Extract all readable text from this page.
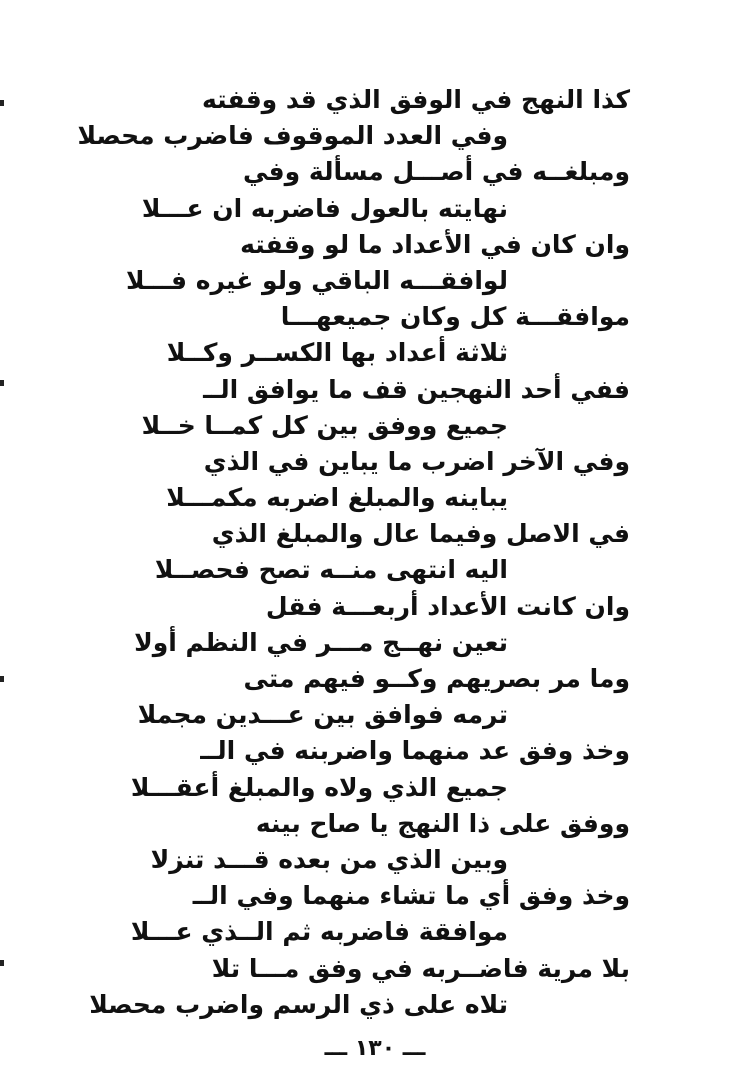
كذا النهج في الوفق الذي قد وقفته
وفي العدد الموقوف فاضرب محصلا
ومبلغــه في أصـــل مسألة وفي
نهايته بالعول فاضربه ان عـــلا
وان كان في الأعداد ما لو وقفته
لوافقـــه الباقي ولو غيره فـــلا
موافقـــة كل وكان جميعهـــا
ثلاثة أعداد بها الكســر وكــلا
ففي أحد النهجين قف ما يوافق الــ
جميع ووفق بين كل كمــا خــلا
وفي الآخر اضرب ما يباين في الذي
يباينه والمبلغ اضربه مكمـــلا
في الاصل وفيما عال والمبلغ الذي
اليه انتهى منــه تصح فحصــلا
وان كانت الأعداد أربعـــة فقل
تعين نهــج مـــر في النظم أولا
وما مر بصريهم وكــو فيهم متى
ترمه فوافق بين عـــدين مجملا
وخذ وفق عد منهما واضربنه في الــ
جميع الذي ولاه والمبلغ أعقـــلا
ووفق على ذا النهج يا صاح بينه
وبين الذي من بعده قـــد تنزلا
وخذ وفق أي ما تشاء منهما وفي الــ
موافقة فاضربه ثم الــذي عـــلا
بلا مرية فاضــربه في وفق مـــا تلا
تلاه على ذي الرسم واضرب محصلا
ـــ ١٣٠ ـــ
